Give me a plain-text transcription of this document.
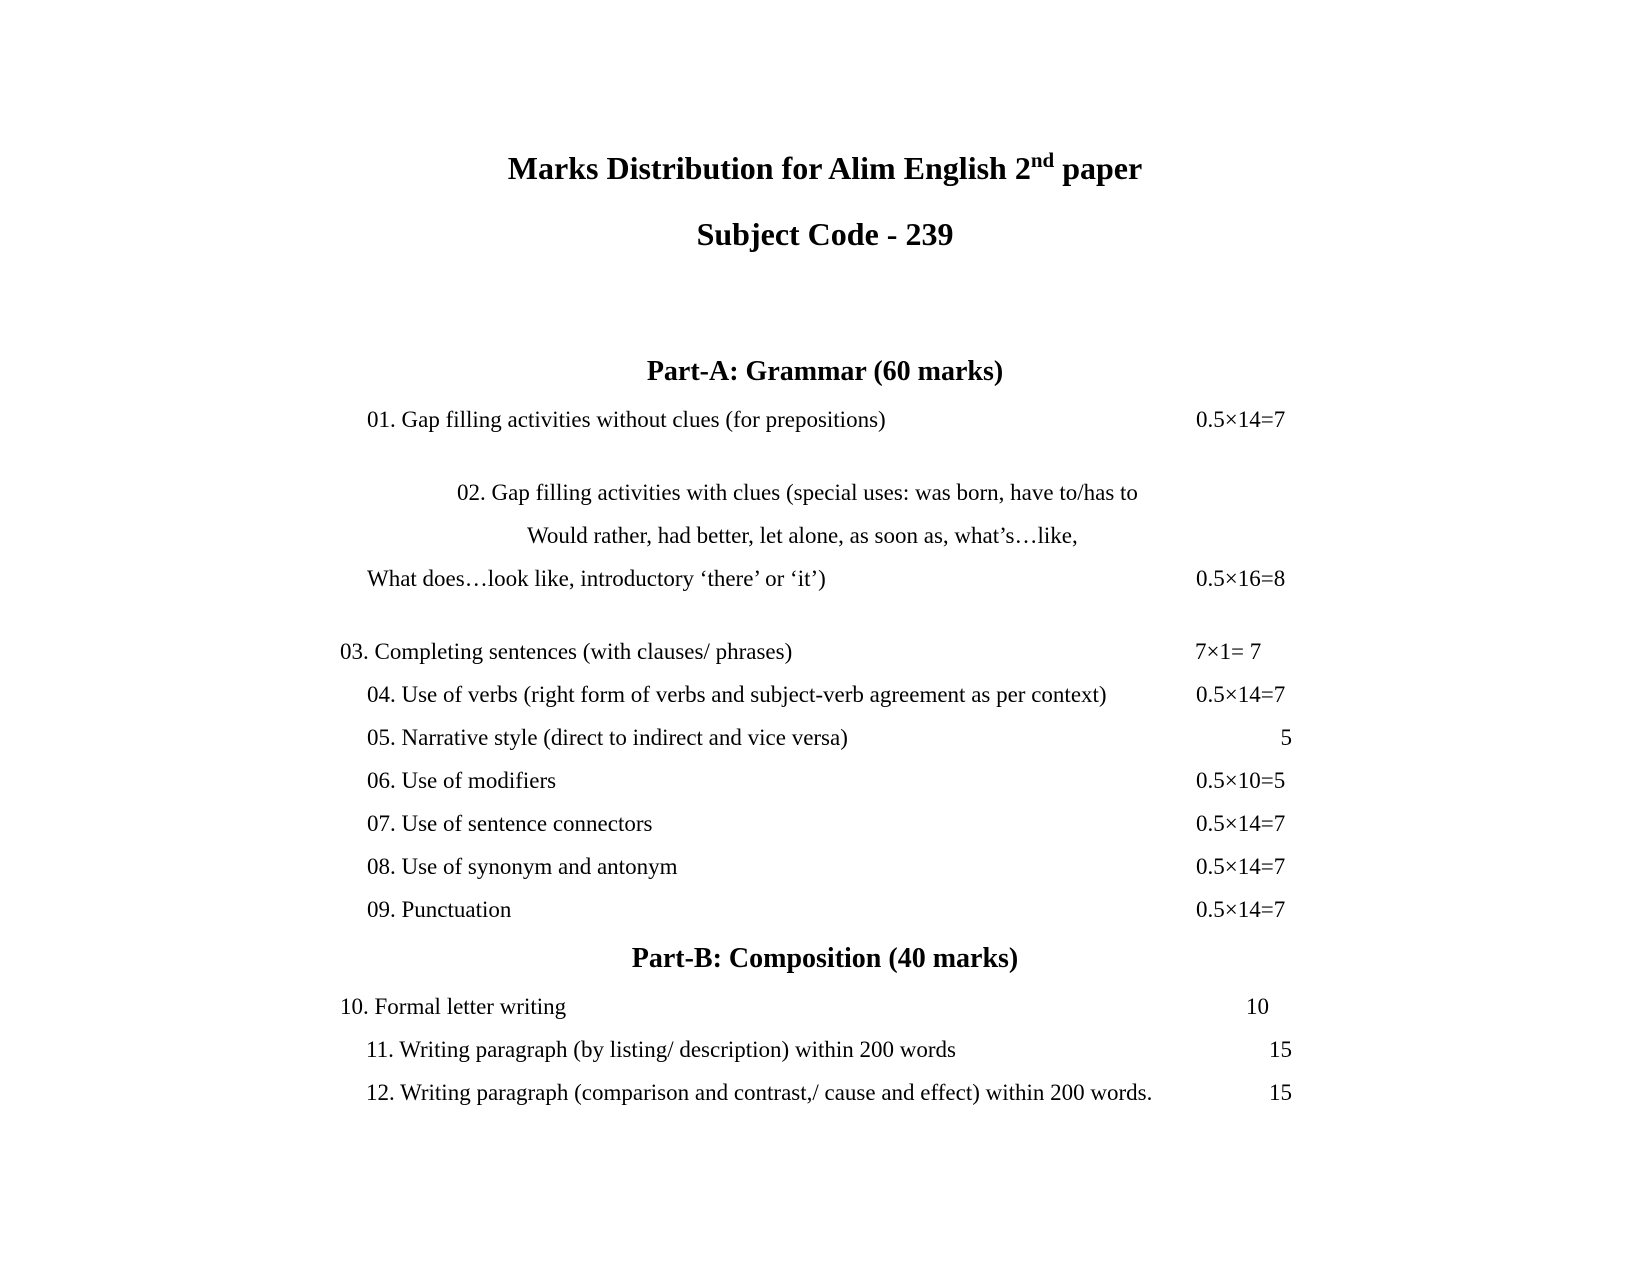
Marks Distribution for Alim English 2nd paper
Subject Code - 239
Part-A: Grammar (60 marks)
01. Gap filling activities without clues (for prepositions)	0.5×14=7
02. Gap filling activities with clues (special uses: was born, have to/has to
Would rather, had better, let alone, as soon as, what’s…like,
What does…look like, introductory ‘there’ or ‘it’)	0.5×16=8
03. Completing sentences (with clauses/ phrases)	7×1= 7
04. Use of verbs (right form of verbs and subject-verb agreement as per context)	0.5×14=7
05. Narrative style (direct to indirect and vice versa)	5
06. Use of modifiers	0.5×10=5
07. Use of sentence connectors	0.5×14=7
08. Use of synonym and antonym	0.5×14=7
09. Punctuation	0.5×14=7
Part-B: Composition (40 marks)
10. Formal letter writing	10
11. Writing paragraph (by listing/ description) within 200 words	15
12. Writing paragraph (comparison and contrast,/ cause and effect) within 200 words.	15
